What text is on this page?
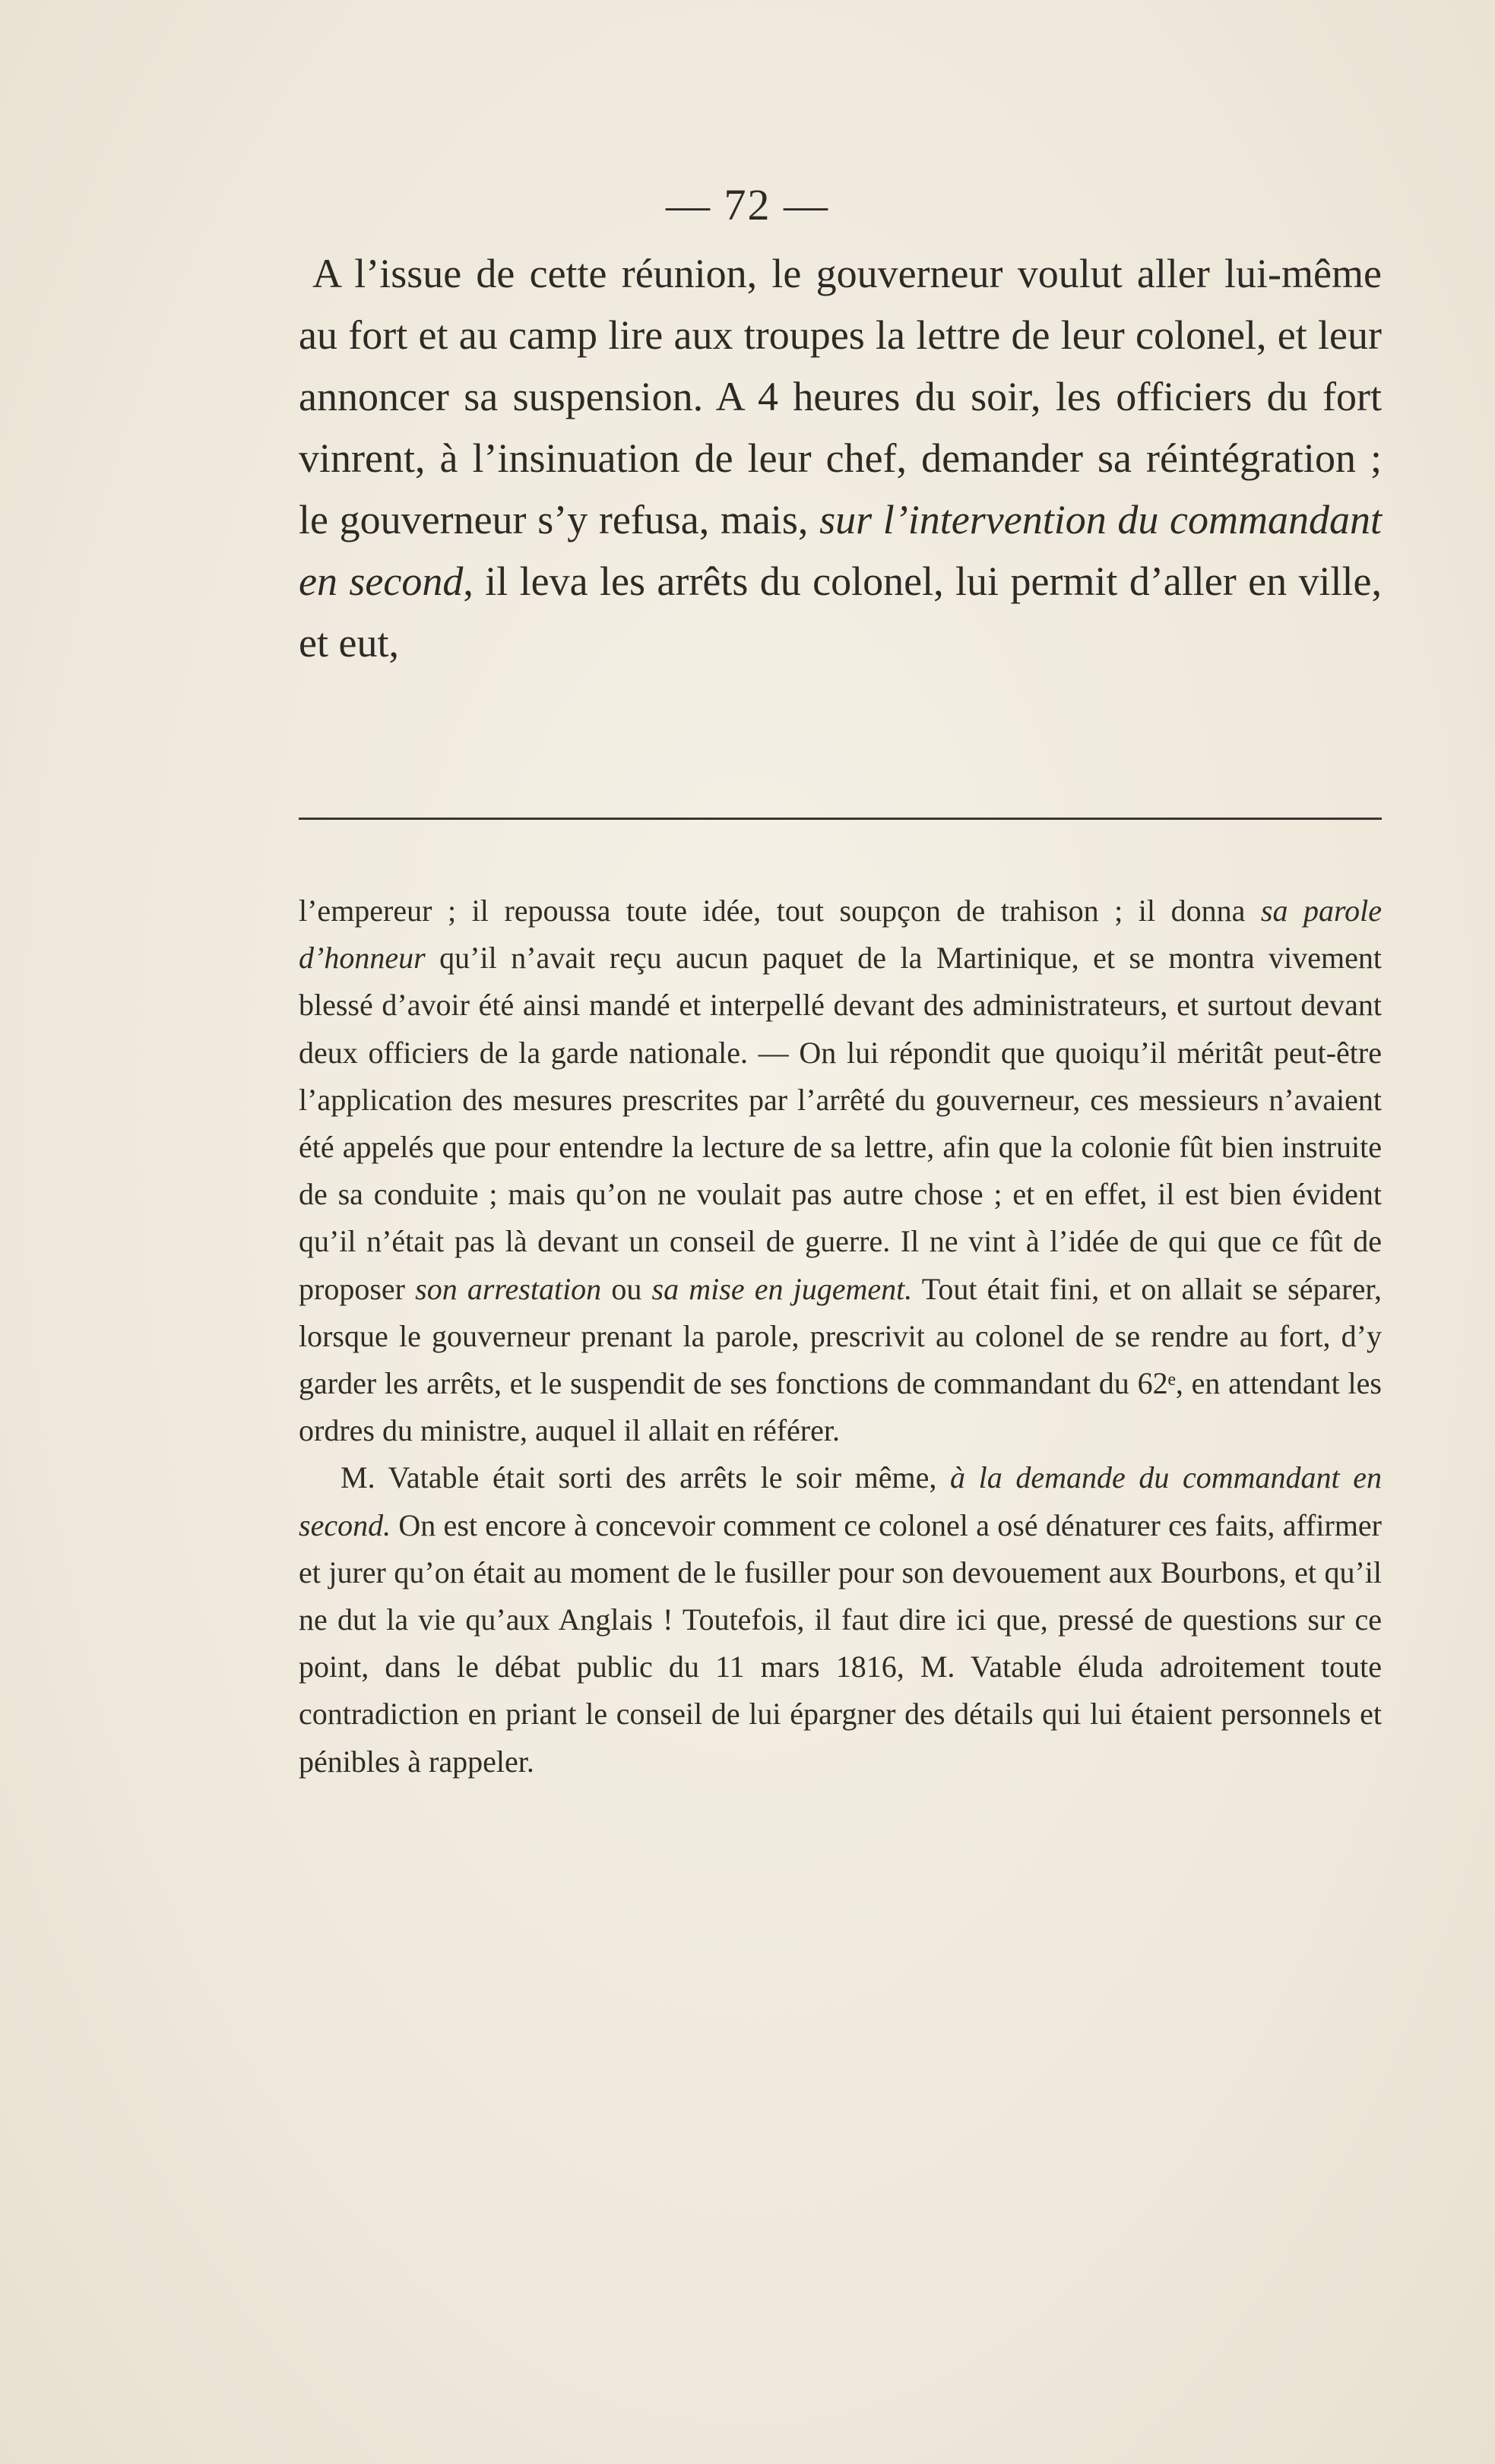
— 72 —

A l’issue de cette réunion, le gouverneur voulut aller lui-même au fort et au camp lire aux troupes la lettre de leur colonel, et leur annoncer sa suspension. A 4 heures du soir, les officiers du fort vinrent, à l’insinuation de leur chef, demander sa réintégration ; le gouverneur s’y refusa, mais, sur l’intervention du commandant en second, il leva les arrêts du colonel, lui permit d’aller en ville, et eut,

l’empereur ; il repoussa toute idée, tout soupçon de trahison ; il donna sa parole d’honneur qu’il n’avait reçu aucun paquet de la Martinique, et se montra vivement blessé d’avoir été ainsi mandé et interpellé devant des administrateurs, et surtout devant deux officiers de la garde nationale. — On lui répondit que quoiqu’il méritât peut-être l’application des mesures prescrites par l’arrêté du gouverneur, ces messieurs n’avaient été appelés que pour entendre la lecture de sa lettre, afin que la colonie fût bien instruite de sa conduite ; mais qu’on ne voulait pas autre chose ; et en effet, il est bien évident qu’il n’était pas là devant un conseil de guerre. Il ne vint à l’idée de qui que ce fût de proposer son arrestation ou sa mise en jugement. Tout était fini, et on allait se séparer, lorsque le gouverneur prenant la parole, prescrivit au colonel de se rendre au fort, d’y garder les arrêts, et le suspendit de ses fonctions de commandant du 62ᵉ, en attendant les ordres du ministre, auquel il allait en référer.

M. Vatable était sorti des arrêts le soir même, à la demande du commandant en second. On est encore à concevoir comment ce colonel a osé dénaturer ces faits, affirmer et jurer qu’on était au moment de le fusiller pour son devouement aux Bourbons, et qu’il ne dut la vie qu’aux Anglais ! Toutefois, il faut dire ici que, pressé de questions sur ce point, dans le débat public du 11 mars 1816, M. Vatable éluda adroitement toute contradiction en priant le conseil de lui épargner des détails qui lui étaient personnels et pénibles à rappeler.
